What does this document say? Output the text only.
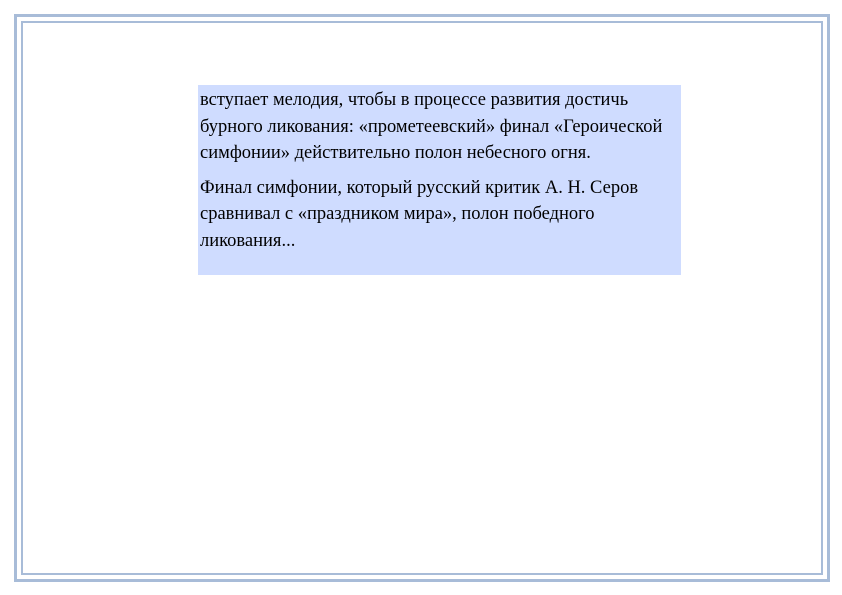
вступает мелодия, чтобы в процессе развития достичь бурного ликования: «прометеевский» финал «Героической симфонии» действительно полон небесного огня.

Финал симфонии, который русский критик А. Н. Серов сравнивал с «праздником мира», полон победного ликования...
